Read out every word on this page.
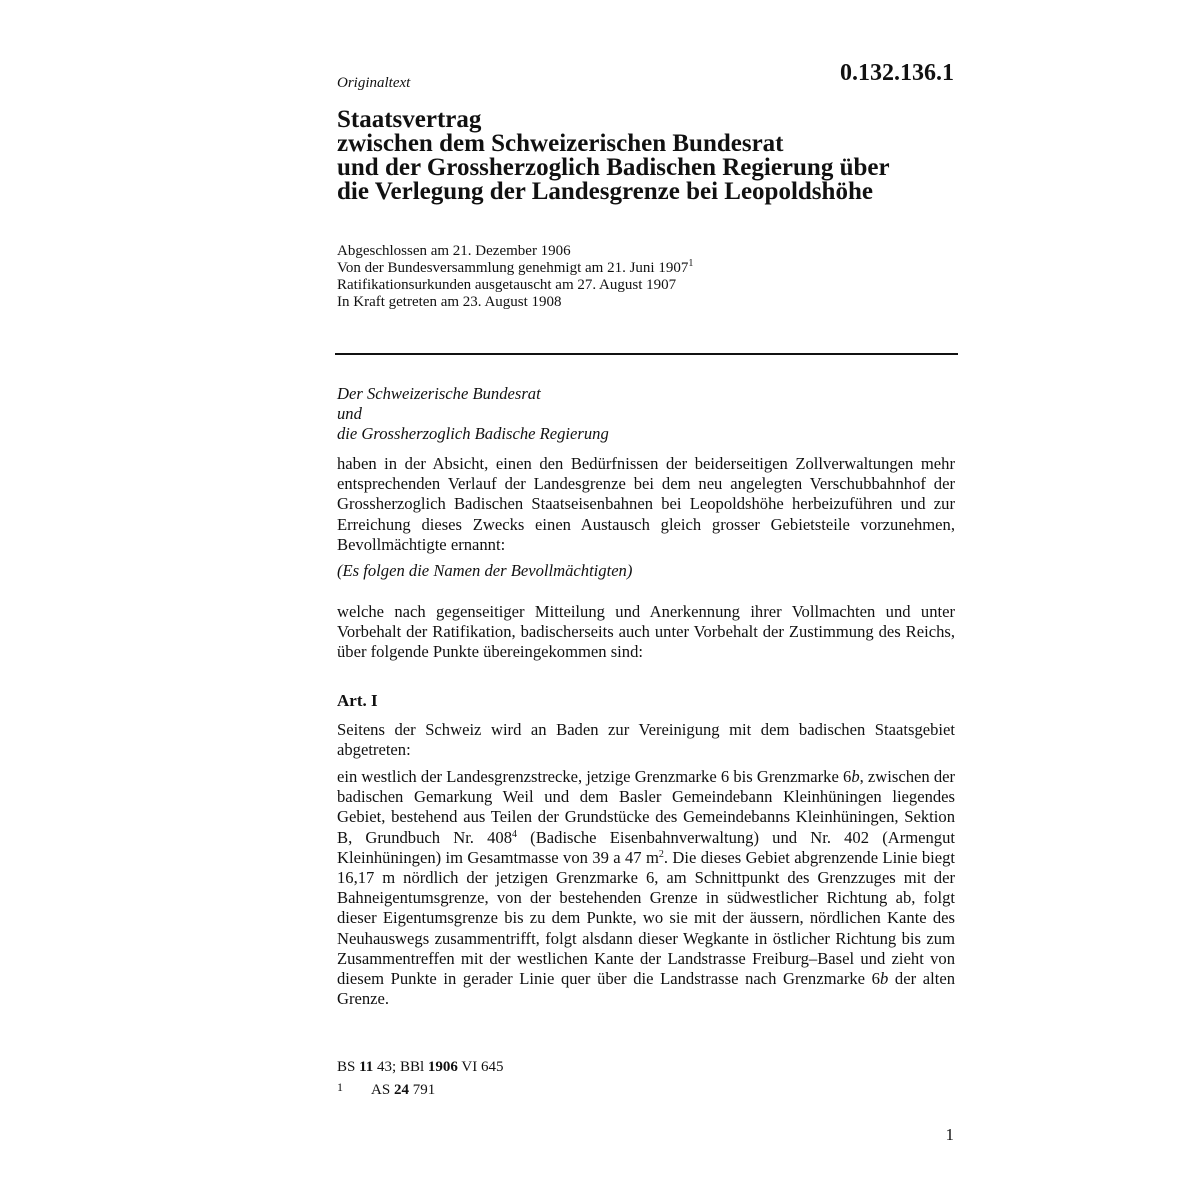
0.132.136.1
Originaltext
Staatsvertrag
zwischen dem Schweizerischen Bundesrat
und der Grossherzoglich Badischen Regierung über
die Verlegung der Landesgrenze bei Leopoldshöhe
Abgeschlossen am 21. Dezember 1906
Von der Bundesversammlung genehmigt am 21. Juni 1907$^1$
Ratifikationsurkunden ausgetauscht am 27. August 1907
In Kraft getreten am 23. August 1908
Der Schweizerische Bundesrat
und
die Grossherzoglich Badische Regierung
haben in der Absicht, einen den Bedürfnissen der beiderseitigen Zollverwaltungen mehr entsprechenden Verlauf der Landesgrenze bei dem neu angelegten Verschubbahnhof der Grossherzoglich Badischen Staatseisenbahnen bei Leopoldshöhe herbeizuführen und zur Erreichung dieses Zwecks einen Austausch gleich grosser Gebietsteile vorzunehmen, Bevollmächtigte ernannt:
(Es folgen die Namen der Bevollmächtigten)
welche nach gegenseitiger Mitteilung und Anerkennung ihrer Vollmachten und unter Vorbehalt der Ratifikation, badischerseits auch unter Vorbehalt der Zustimmung des Reichs, über folgende Punkte übereingekommen sind:
Art. I
Seitens der Schweiz wird an Baden zur Vereinigung mit dem badischen Staatsgebiet abgetreten:
ein westlich der Landesgrenzstrecke, jetzige Grenzmarke 6 bis Grenzmarke 6b, zwischen der badischen Gemarkung Weil und dem Basler Gemeindebann Kleinhüningen liegendes Gebiet, bestehend aus Teilen der Grundstücke des Gemeindebanns Kleinhüningen, Sektion B, Grundbuch Nr. $408^4$ (Badische Eisenbahnverwaltung) und Nr. 402 (Armengut Kleinhüningen) im Gesamtmasse von 39 a 47 $m^2$. Die dieses Gebiet abgrenzende Linie biegt 16,17 m nördlich der jetzigen Grenzmarke 6, am Schnittpunkt des Grenzzuges mit der Bahneigentumsgrenze, von der bestehenden Grenze in südwestlicher Richtung ab, folgt dieser Eigentumsgrenze bis zu dem Punkte, wo sie mit der äussern, nördlichen Kante des Neuhauswegs zusammentrifft, folgt alsdann dieser Wegkante in östlicher Richtung bis zum Zusammentreffen mit der westlichen Kante der Landstrasse Freiburg–Basel und zieht von diesem Punkte in gerader Linie quer über die Landstrasse nach Grenzmarke 6b der alten Grenze.
BS 11 43; BBl 1906 VI 645
1 AS 24 791
1
